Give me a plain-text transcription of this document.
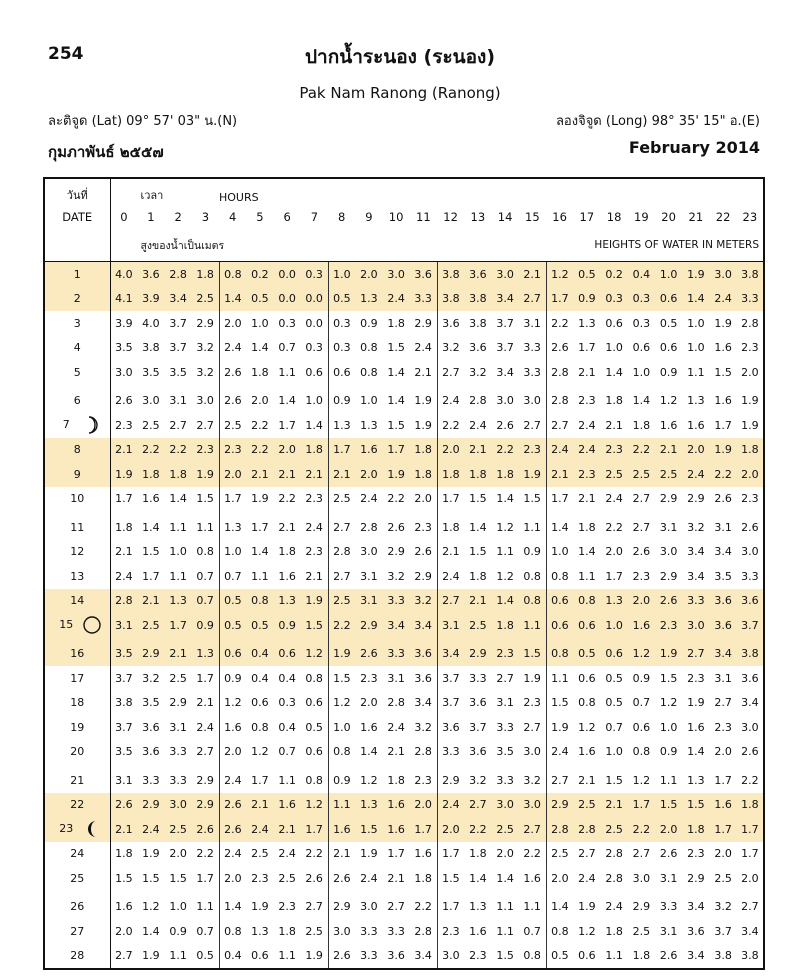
254	ปากน้ำระนอง (ระนอง)
Pak Nam Ranong (Ranong)
ละติจูด (Lat) 09° 57' 03" น.(N)	ลองจิจูด (Long) 98° 35' 15" อ.(E)
กุมภาพันธ์ ๒๕๕๗	February 2014
วันที่	เวลา				HOURS																			
DATE	0	1	2	3	4	5	6	7	8	9	10	11	12	13	14	15	16	17	18	19	20	21	22	23
	สูงของน้ำเป็นเมตร										HEIGHTS OF WATER IN METERS													
1	4.0	3.6	2.8	1.8	0.8	0.2	0.0	0.3	1.0	2.0	3.0	3.6	3.8	3.6	3.0	2.1	1.2	0.5	0.2	0.4	1.0	1.9	3.0	3.8
2	4.1	3.9	3.4	2.5	1.4	0.5	0.0	0.0	0.5	1.3	2.4	3.3	3.8	3.8	3.4	2.7	1.7	0.9	0.3	0.3	0.6	1.4	2.4	3.3
3	3.9	4.0	3.7	2.9	2.0	1.0	0.3	0.0	0.3	0.9	1.8	2.9	3.6	3.8	3.7	3.1	2.2	1.3	0.6	0.3	0.5	1.0	1.9	2.8
4	3.5	3.8	3.7	3.2	2.4	1.4	0.7	0.3	0.3	0.8	1.5	2.4	3.2	3.6	3.7	3.3	2.6	1.7	1.0	0.6	0.6	1.0	1.6	2.3
5	3.0	3.5	3.5	3.2	2.6	1.8	1.1	0.6	0.6	0.8	1.4	2.1	2.7	3.2	3.4	3.3	2.8	2.1	1.4	1.0	0.9	1.1	1.5	2.0

6	2.6	3.0	3.1	3.0	2.6	2.0	1.4	1.0	0.9	1.0	1.4	1.9	2.4	2.8	3.0	3.0	2.8	2.3	1.8	1.4	1.2	1.3	1.6	1.9
7	2.3	2.5	2.7	2.7	2.5	2.2	1.7	1.4	1.3	1.3	1.5	1.9	2.2	2.4	2.6	2.7	2.7	2.4	2.1	1.8	1.6	1.6	1.7	1.9
8	2.1	2.2	2.2	2.3	2.3	2.2	2.0	1.8	1.7	1.6	1.7	1.8	2.0	2.1	2.2	2.3	2.4	2.4	2.3	2.2	2.1	2.0	1.9	1.8
9	1.9	1.8	1.8	1.9	2.0	2.1	2.1	2.1	2.1	2.0	1.9	1.8	1.8	1.8	1.8	1.9	2.1	2.3	2.5	2.5	2.5	2.4	2.2	2.0
10	1.7	1.6	1.4	1.5	1.7	1.9	2.2	2.3	2.5	2.4	2.2	2.0	1.7	1.5	1.4	1.5	1.7	2.1	2.4	2.7	2.9	2.9	2.6	2.3

11	1.8	1.4	1.1	1.1	1.3	1.7	2.1	2.4	2.7	2.8	2.6	2.3	1.8	1.4	1.2	1.1	1.4	1.8	2.2	2.7	3.1	3.2	3.1	2.6
12	2.1	1.5	1.0	0.8	1.0	1.4	1.8	2.3	2.8	3.0	2.9	2.6	2.1	1.5	1.1	0.9	1.0	1.4	2.0	2.6	3.0	3.4	3.4	3.0
13	2.4	1.7	1.1	0.7	0.7	1.1	1.6	2.1	2.7	3.1	3.2	2.9	2.4	1.8	1.2	0.8	0.8	1.1	1.7	2.3	2.9	3.4	3.5	3.3
14	2.8	2.1	1.3	0.7	0.5	0.8	1.3	1.9	2.5	3.1	3.3	3.2	2.7	2.1	1.4	0.8	0.6	0.8	1.3	2.0	2.6	3.3	3.6	3.6
15	3.1	2.5	1.7	0.9	0.5	0.5	0.9	1.5	2.2	2.9	3.4	3.4	3.1	2.5	1.8	1.1	0.6	0.6	1.0	1.6	2.3	3.0	3.6	3.7

16	3.5	2.9	2.1	1.3	0.6	0.4	0.6	1.2	1.9	2.6	3.3	3.6	3.4	2.9	2.3	1.5	0.8	0.5	0.6	1.2	1.9	2.7	3.4	3.8
17	3.7	3.2	2.5	1.7	0.9	0.4	0.4	0.8	1.5	2.3	3.1	3.6	3.7	3.3	2.7	1.9	1.1	0.6	0.5	0.9	1.5	2.3	3.1	3.6
18	3.8	3.5	2.9	2.1	1.2	0.6	0.3	0.6	1.2	2.0	2.8	3.4	3.7	3.6	3.1	2.3	1.5	0.8	0.5	0.7	1.2	1.9	2.7	3.4
19	3.7	3.6	3.1	2.4	1.6	0.8	0.4	0.5	1.0	1.6	2.4	3.2	3.6	3.7	3.3	2.7	1.9	1.2	0.7	0.6	1.0	1.6	2.3	3.0
20	3.5	3.6	3.3	2.7	2.0	1.2	0.7	0.6	0.8	1.4	2.1	2.8	3.3	3.6	3.5	3.0	2.4	1.6	1.0	0.8	0.9	1.4	2.0	2.6

21	3.1	3.3	3.3	2.9	2.4	1.7	1.1	0.8	0.9	1.2	1.8	2.3	2.9	3.2	3.3	3.2	2.7	2.1	1.5	1.2	1.1	1.3	1.7	2.2
22	2.6	2.9	3.0	2.9	2.6	2.1	1.6	1.2	1.1	1.3	1.6	2.0	2.4	2.7	3.0	3.0	2.9	2.5	2.1	1.7	1.5	1.5	1.6	1.8
23	2.1	2.4	2.5	2.6	2.6	2.4	2.1	1.7	1.6	1.5	1.6	1.7	2.0	2.2	2.5	2.7	2.8	2.8	2.5	2.2	2.0	1.8	1.7	1.7
24	1.8	1.9	2.0	2.2	2.4	2.5	2.4	2.2	2.1	1.9	1.7	1.6	1.7	1.8	2.0	2.2	2.5	2.7	2.8	2.7	2.6	2.3	2.0	1.7
25	1.5	1.5	1.5	1.7	2.0	2.3	2.5	2.6	2.6	2.4	2.1	1.8	1.5	1.4	1.4	1.6	2.0	2.4	2.8	3.0	3.1	2.9	2.5	2.0

26	1.6	1.2	1.0	1.1	1.4	1.9	2.3	2.7	2.9	3.0	2.7	2.2	1.7	1.3	1.1	1.1	1.4	1.9	2.4	2.9	3.3	3.4	3.2	2.7
27	2.0	1.4	0.9	0.7	0.8	1.3	1.8	2.5	3.0	3.3	3.3	2.8	2.3	1.6	1.1	0.7	0.8	1.2	1.8	2.5	3.1	3.6	3.7	3.4
28	2.7	1.9	1.1	0.5	0.4	0.6	1.1	1.9	2.6	3.3	3.6	3.4	3.0	2.3	1.5	0.8	0.5	0.6	1.1	1.8	2.6	3.4	3.8	3.8
